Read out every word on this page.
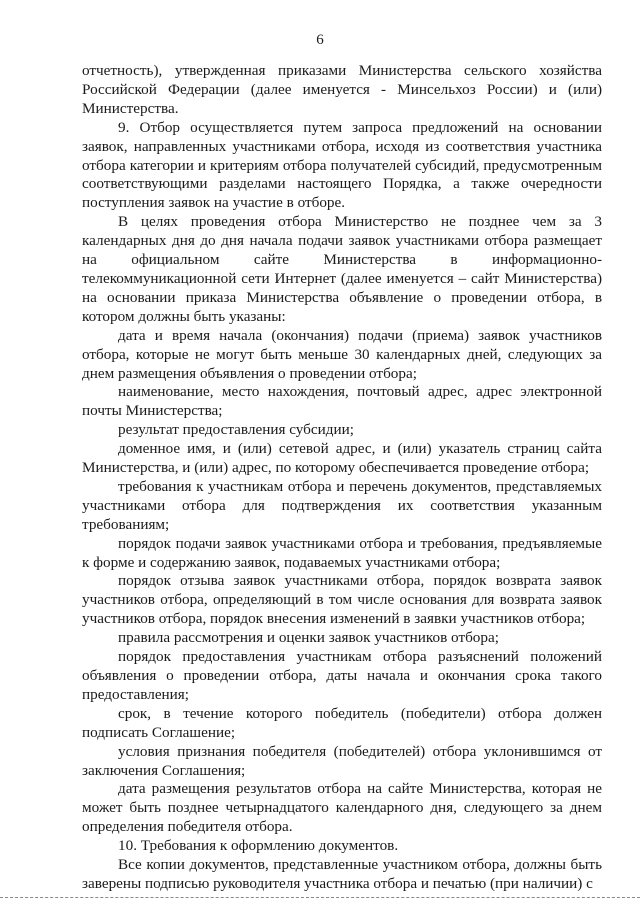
6

отчетность), утвержденная приказами Министерства сельского хозяйства Российской Федерации (далее именуется - Минсельхоз России) и (или) Министерства.

9. Отбор осуществляется путем запроса предложений на основании заявок, направленных участниками отбора, исходя из соответствия участника отбора категории и критериям отбора получателей субсидий, предусмотренным соответствующими разделами настоящего Порядка, а также очередности поступления заявок на участие в отборе.

В целях проведения отбора Министерство не позднее чем за 3 календарных дня до дня начала подачи заявок участниками отбора размещает на официальном сайте Министерства в информационно-телекоммуникационной сети Интернет (далее именуется – сайт Министерства) на основании приказа Министерства объявление о проведении отбора, в котором должны быть указаны:

дата и время начала (окончания) подачи (приема) заявок участников отбора, которые не могут быть меньше 30 календарных дней, следующих за днем размещения объявления о проведении отбора;

наименование, место нахождения, почтовый адрес, адрес электронной почты Министерства;

результат предоставления субсидии;

доменное имя, и (или) сетевой адрес, и (или) указатель страниц сайта Министерства, и (или) адрес, по которому обеспечивается проведение отбора;

требования к участникам отбора и перечень документов, представляемых участниками отбора для подтверждения их соответствия указанным требованиям;

порядок подачи заявок участниками отбора и требования, предъявляемые к форме и содержанию заявок, подаваемых участниками отбора;

порядок отзыва заявок участниками отбора, порядок возврата заявок участников отбора, определяющий в том числе основания для возврата заявок участников отбора, порядок внесения изменений в заявки участников отбора;

правила рассмотрения и оценки заявок участников отбора;

порядок предоставления участникам отбора разъяснений положений объявления о проведении отбора, даты начала и окончания срока такого предоставления;

срок, в течение которого победитель (победители) отбора должен подписать Соглашение;

условия признания победителя (победителей) отбора уклонившимся от заключения Соглашения;

дата размещения результатов отбора на сайте Министерства, которая не может быть позднее четырнадцатого календарного дня, следующего за днем определения победителя отбора.

10. Требования к оформлению документов.

Все копии документов, представленные участником отбора, должны быть заверены подписью руководителя участника отбора и печатью (при наличии) с
